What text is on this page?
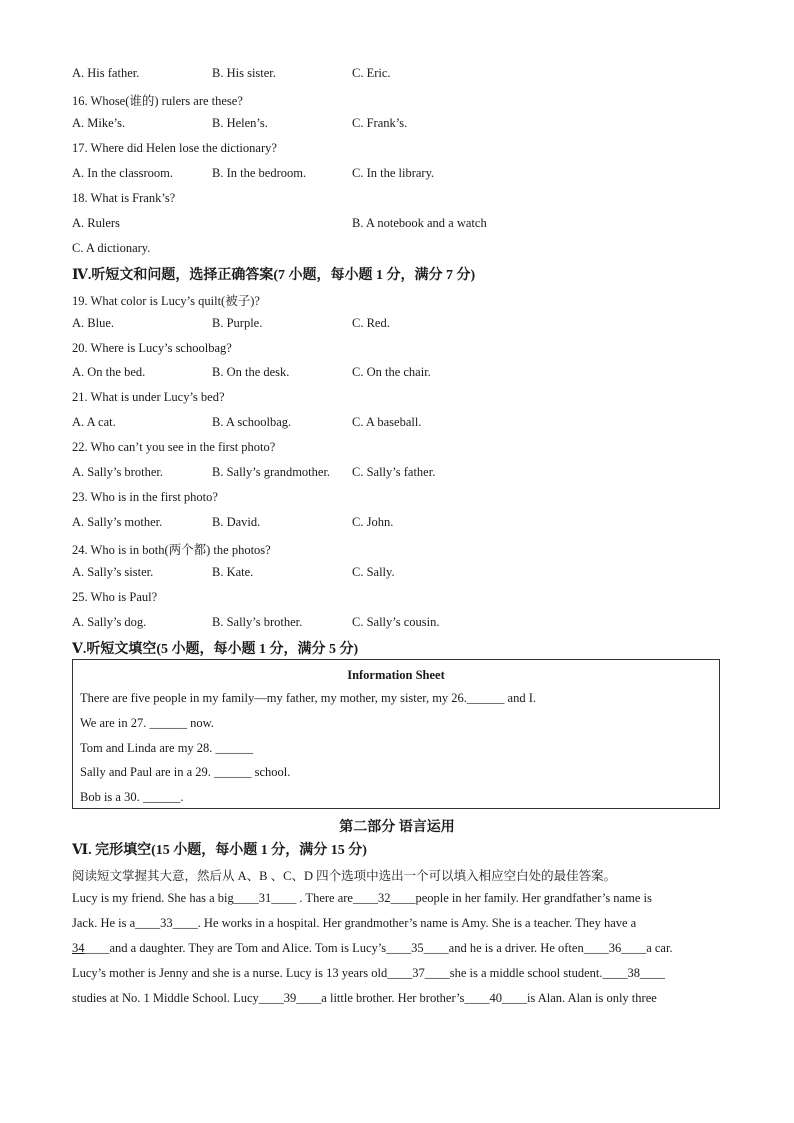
A. His father.	B. His sister.	C. Eric.
16. Whose(谁的) rulers are these?
A. Mike’s.	B. Helen’s.	C. Frank’s.
17. Where did Helen lose the dictionary?
A. In the classroom.	B. In the bedroom.	C. In the library.
18. What is Frank’s?
A. Rulers	B. A notebook and a watch
C. A dictionary.
Ⅳ.听短文和问题，选择正确答案(7 小题，每小题 1 分，满分 7 分)
19. What color is Lucy’s quilt(被子)?
A. Blue.	B. Purple.	C. Red.
20. Where is Lucy’s schoolbag?
A. On the bed.	B. On the desk.	C. On the chair.
21. What is under Lucy’s bed?
A. A cat.	B. A schoolbag.	C. A baseball.
22. Who can’t you see in the first photo?
A. Sally’s brother.	B. Sally’s grandmother. C. Sally’s father.
23. Who is in the first photo?
A. Sally’s mother.	B. David.	C. John.
24. Who is in both(两个都) the photos?
A. Sally’s sister.	B. Kate.	C. Sally.
25. Who is Paul?
A. Sally’s dog.	B. Sally’s brother.	C. Sally’s cousin.
Ⅴ.听短文填空(5 小题，每小题 1 分，满分 5 分)
Information Sheet
There are five people in my family—my father, my mother, my sister, my 26.______ and I.
We are in 27. ______ now.
Tom and Linda are my 28. ______
Sally and Paul are in a 29. ______ school.
Bob is a 30. ______.
第二部分 语言运用
Ⅵ. 完形填空(15 小题，每小题 1 分，满分 15 分)
阅读短文掌握其大意，然后从 A、B 、C、D 四个选项中选出一个可以填入相应空白处的最佳答案。
Lucy is my friend. She has a big____31____ . There are____32____people in her family. Her grandfather’s name is
Jack. He is a____33____. He works in a hospital. Her grandmother’s name is Amy. She is a teacher. They have a
34____and a daughter. They are Tom and Alice. Tom is Lucy’s____35____and he is a driver. He often____36____a car.
Lucy’s mother is Jenny and she is a nurse. Lucy is 13 years old____37____she is a middle school student.____38____
studies at No. 1 Middle School. Lucy____39____a little brother. Her brother’s____40____is Alan. Alan is only three
